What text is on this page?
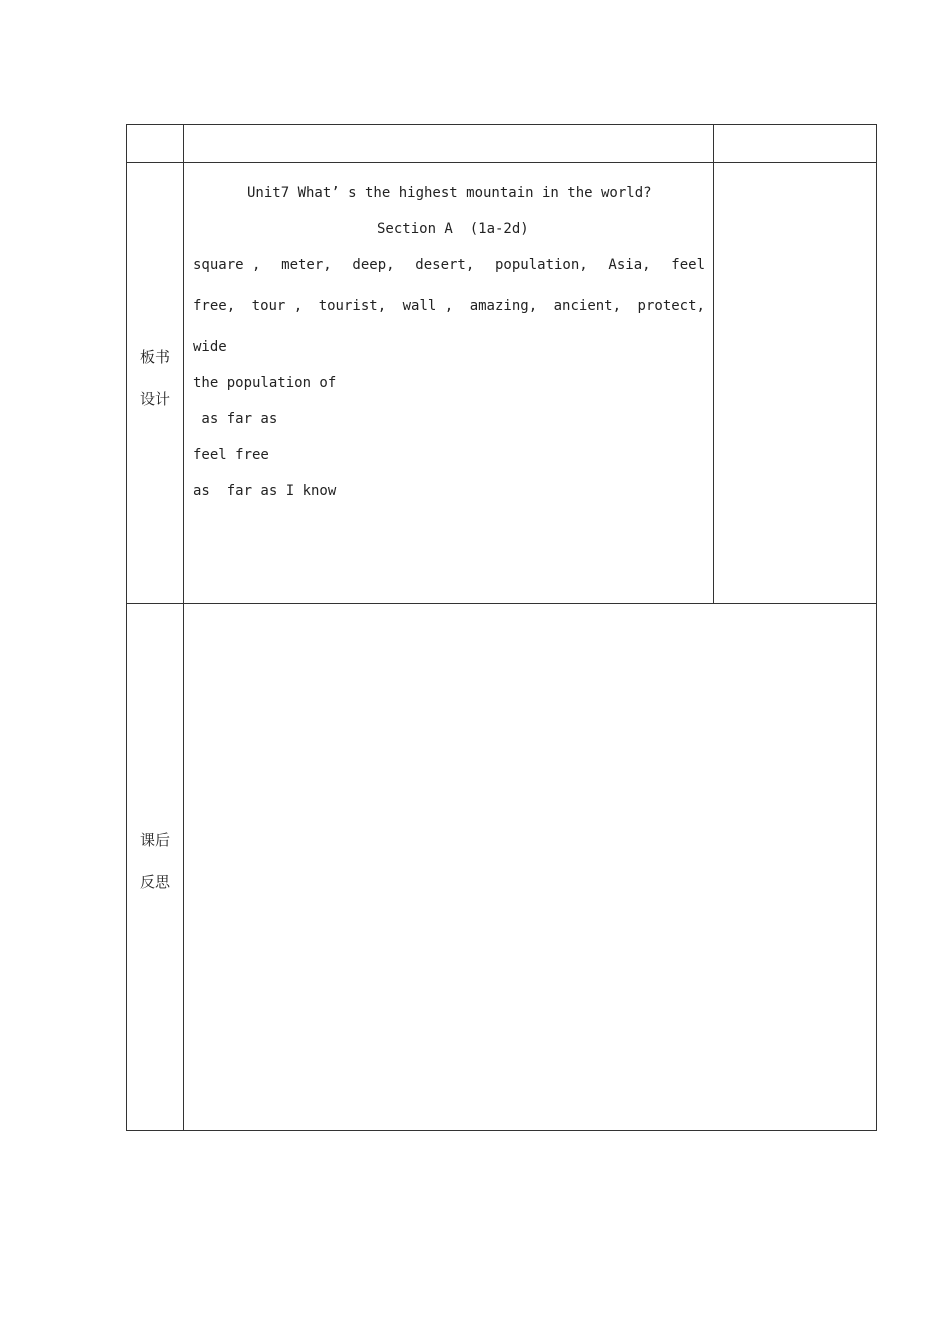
板书
设计
Unit7 What’ s the highest mountain in the world?
Section A  (1a-2d)
square , meter, deep, desert, population, Asia, feel
free, tour , tourist, wall , amazing, ancient, protect,
wide
the population of
as far as
feel free
as  far as I know
课后
反思
